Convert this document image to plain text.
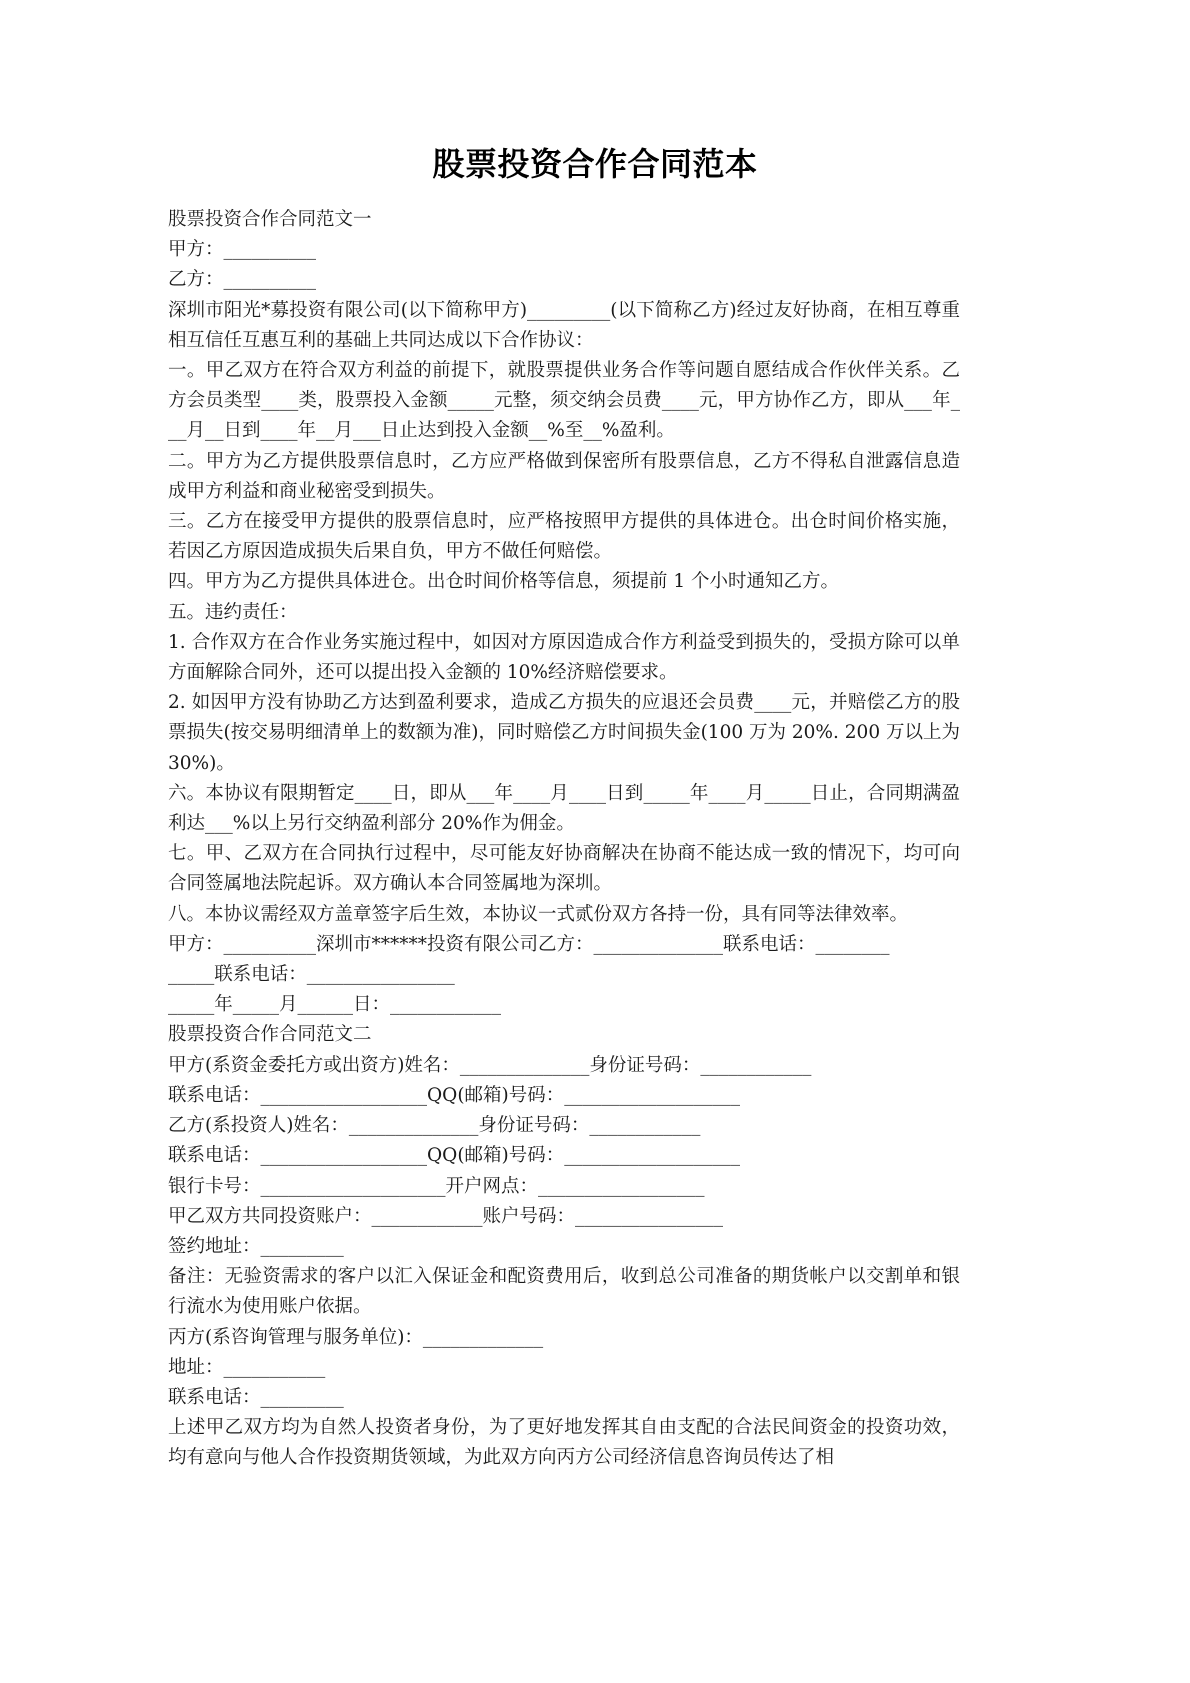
股票投资合作合同范本

股票投资合作合同范文一

甲方：__________

乙方：__________

深圳市阳光*募投资有限公司(以下简称甲方)_________(以下简称乙方)经过友好协商，在相互尊重相互信任互惠互利的基础上共同达成以下合作协议：

一。甲乙双方在符合双方利益的前提下，就股票提供业务合作等问题自愿结成合作伙伴关系。乙方会员类型____类，股票投入金额_____元整，须交纳会员费____元，甲方协作乙方，即从___年___月__日到____年__月___日止达到投入金额__%至__%盈利。

二。甲方为乙方提供股票信息时，乙方应严格做到保密所有股票信息，乙方不得私自泄露信息造成甲方利益和商业秘密受到损失。

三。乙方在接受甲方提供的股票信息时，应严格按照甲方提供的具体进仓。出仓时间价格实施，若因乙方原因造成损失后果自负，甲方不做任何赔偿。

四。甲方为乙方提供具体进仓。出仓时间价格等信息，须提前 1 个小时通知乙方。

五。违约责任：

1. 合作双方在合作业务实施过程中，如因对方原因造成合作方利益受到损失的，受损方除可以单方面解除合同外，还可以提出投入金额的 10%经济赔偿要求。

2. 如因甲方没有协助乙方达到盈利要求，造成乙方损失的应退还会员费____元，并赔偿乙方的股票损失(按交易明细清单上的数额为准)，同时赔偿乙方时间损失金(100 万为 20%. 200 万以上为 30%)。

六。本协议有限期暂定____日，即从___年____月____日到_____年____月_____日止，合同期满盈利达___%以上另行交纳盈利部分 20%作为佣金。

七。甲、乙双方在合同执行过程中，尽可能友好协商解决在协商不能达成一致的情况下，均可向合同签属地法院起诉。双方确认本合同签属地为深圳。

八。本协议需经双方盖章签字后生效，本协议一式贰份双方各持一份，具有同等法律效率。

甲方：__________深圳市******投资有限公司乙方：______________联系电话：________

_____联系电话：________________

_____年_____月______日：____________

股票投资合作合同范文二

甲方(系资金委托方或出资方)姓名：______________身份证号码：____________

联系电话：__________________QQ(邮箱)号码：___________________

乙方(系投资人)姓名：______________身份证号码：____________

联系电话：__________________QQ(邮箱)号码：___________________

银行卡号：____________________开户网点：__________________

甲乙双方共同投资账户：____________账户号码：________________

签约地址：_________

备注：无验资需求的客户以汇入保证金和配资费用后，收到总公司准备的期货帐户以交割单和银行流水为使用账户依据。

丙方(系咨询管理与服务单位)：_____________

地址：___________

联系电话：_________

上述甲乙双方均为自然人投资者身份，为了更好地发挥其自由支配的合法民间资金的投资功效，均有意向与他人合作投资期货领域，为此双方向丙方公司经济信息咨询员传达了相
